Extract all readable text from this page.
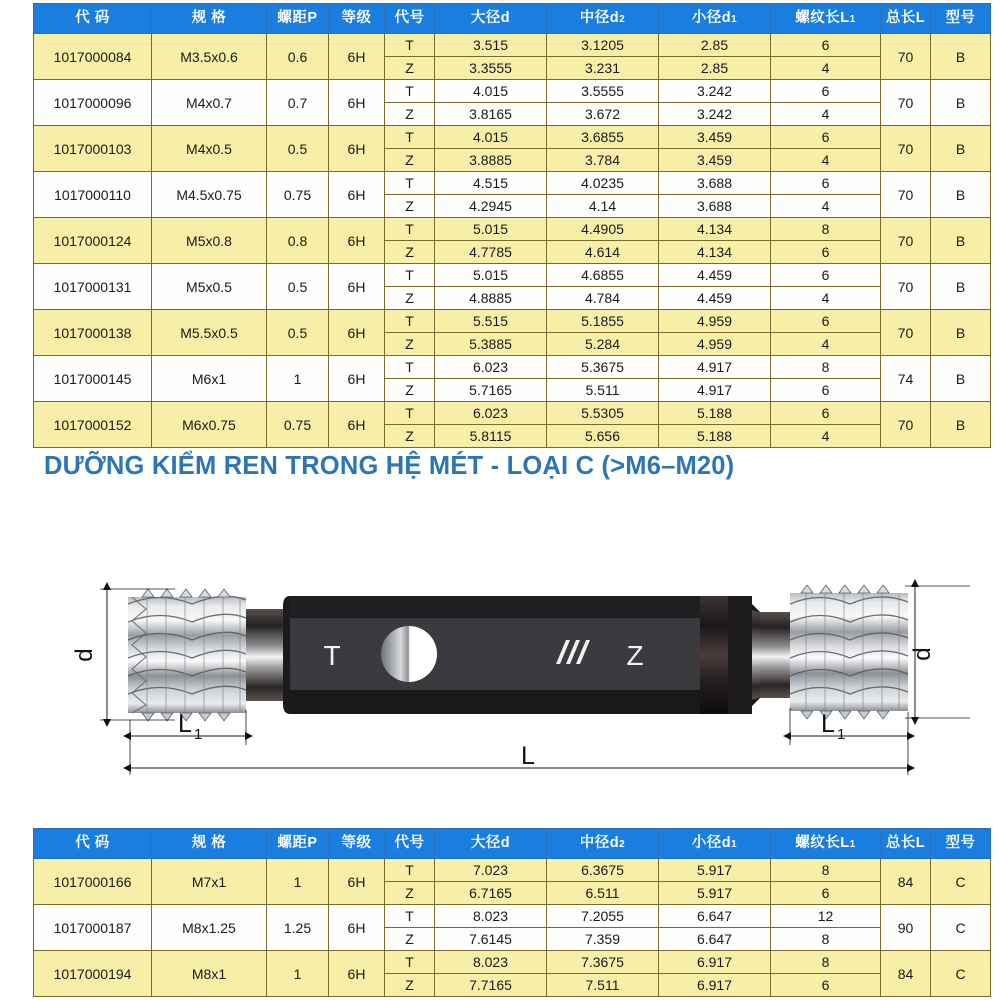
代 码	规 格	螺距P	等级	代号	大径d	中径d2	小径d1	螺纹长L1	总长L	型号
1017000084	M3.5x0.6	0.6	6H	T	3.515	3.1205	2.85	6	70	B
				Z	3.3555	3.231	2.85	4		
1017000096	M4x0.7	0.7	6H	T	4.015	3.5555	3.242	6	70	B
				Z	3.8165	3.672	3.242	4		
1017000103	M4x0.5	0.5	6H	T	4.015	3.6855	3.459	6	70	B
				Z	3.8885	3.784	3.459	4		
1017000110	M4.5x0.75	0.75	6H	T	4.515	4.0235	3.688	6	70	B
				Z	4.2945	4.14	3.688	4		
1017000124	M5x0.8	0.8	6H	T	5.015	4.4905	4.134	8	70	B
				Z	4.7785	4.614	4.134	6		
1017000131	M5x0.5	0.5	6H	T	5.015	4.6855	4.459	6	70	B
				Z	4.8885	4.784	4.459	4		
1017000138	M5.5x0.5	0.5	6H	T	5.515	5.1855	4.959	6	70	B
				Z	5.3885	5.284	4.959	4		
1017000145	M6x1	1	6H	T	6.023	5.3675	4.917	8	74	B
				Z	5.7165	5.511	4.917	6		
1017000152	M6x0.75	0.75	6H	T	6.023	5.5305	5.188	6	70	B
				Z	5.8115	5.656	5.188	4		
DƯỠNG KIỂM REN TRONG HỆ MÉT - LOẠI C (>M6–M20)
T	Z
d	d
L 1	L 1
L
代 码	规 格	螺距P	等级	代号	大径d	中径d2	小径d1	螺纹长L1	总长L	型号
1017000166	M7x1	1	6H	T	7.023	6.3675	5.917	8	84	C
				Z	6.7165	6.511	5.917	6		
1017000187	M8x1.25	1.25	6H	T	8.023	7.2055	6.647	12	90	C
				Z	7.6145	7.359	6.647	8		
1017000194	M8x1	1	6H	T	8.023	7.3675	6.917	8	84	C
				Z	7.7165	7.511	6.917	6		
